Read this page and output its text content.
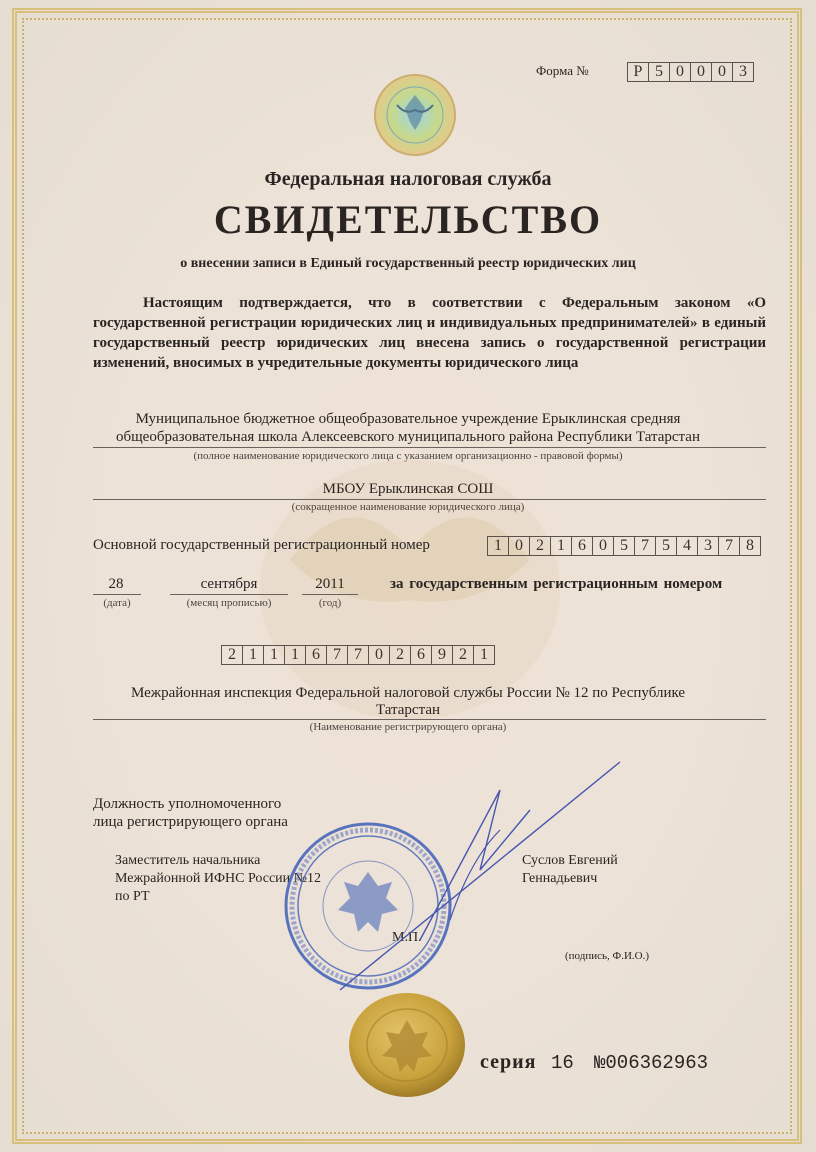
Форма №	Р 5 0 0 0 3
Федеральная налоговая служба
СВИДЕТЕЛЬСТВО
о внесении записи в Единый государственный реестр юридических лиц
Настоящим подтверждается, что в соответствии с Федеральным законом «О государственной регистрации юридических лиц и индивидуальных предпринимателей» в единый государственный реестр юридических лиц внесена запись о государственной регистрации изменений, вносимых в учредительные документы юридического лица
Муниципальное бюджетное общеобразовательное учреждение Ерыклинская средняя
общеобразовательная школа Алексеевского муниципального района Республики Татарстан
(полное наименование юридического лица с указанием организационно - правовой формы)
МБОУ Ерыклинская СОШ
(сокращенное наименование юридического лица)
Основной государственный регистрационный номер	1 0 2 1 6 0 5 7 5 4 3 7 8
28
(дата)
сентября
(месяц прописью)
2011
(год)
за государственным регистрационным номером
2 1 1 1 6 7 7 0 2 6 9 2 1
Межрайонная инспекция Федеральной налоговой службы России № 12 по Республике
Татарстан
(Наименование регистрирующего органа)
Должность уполномоченного
лица регистрирующего органа
Заместитель начальника
Межрайонной ИФНС России №12
по РТ
Суслов Евгений
Геннадьевич
(подпись, Ф.И.О.)
М.П.
серия 16 №006362963
